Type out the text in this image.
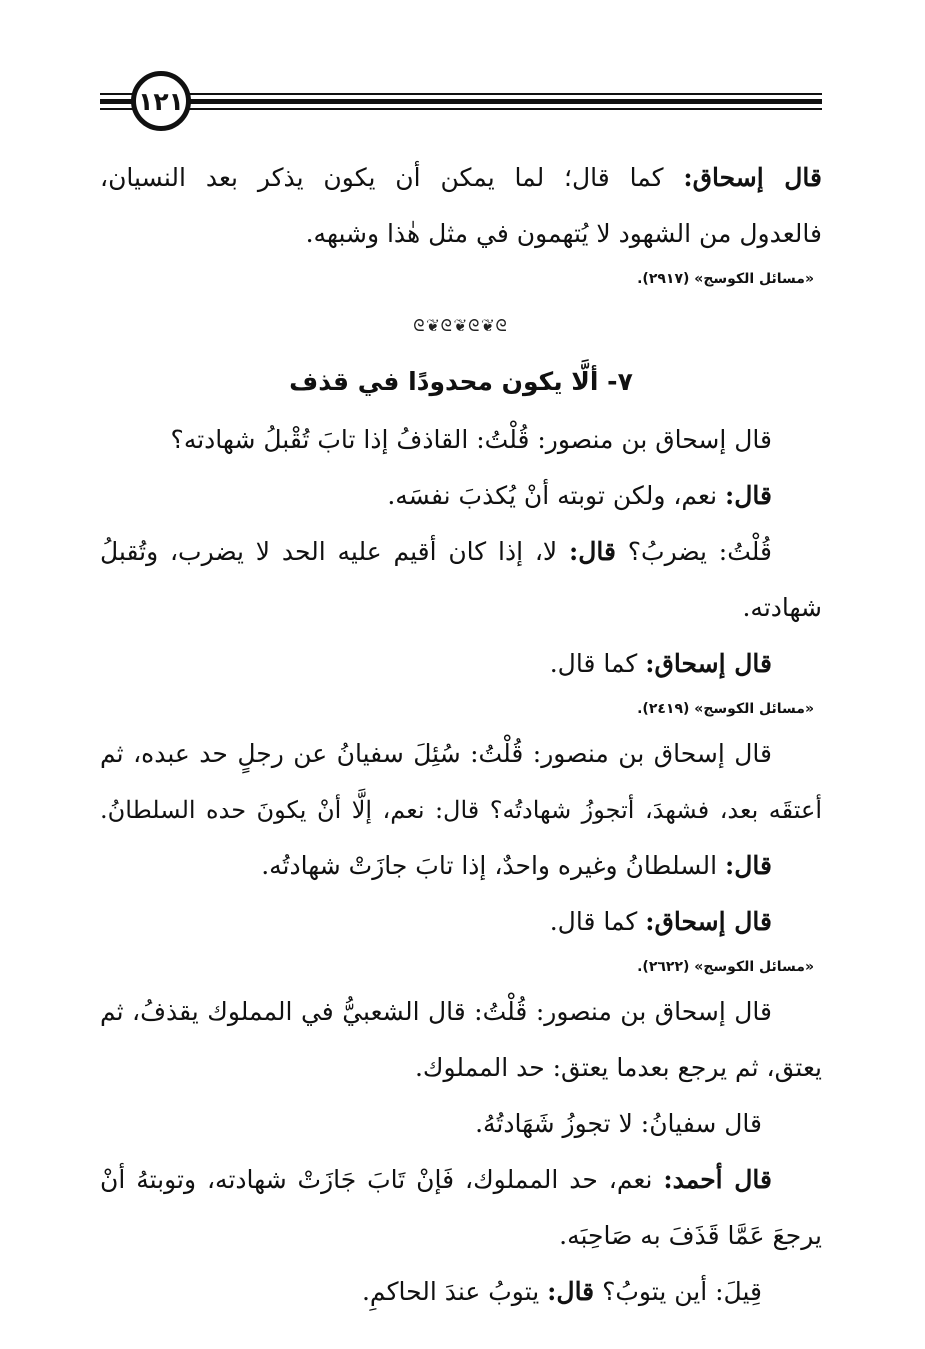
١٢١

قال إسحاق: كما قال؛ لما يمكن أن يكون يذكر بعد النسيان،

فالعدول من الشهود لا يُتهمون في مثل هٰذا وشبهه.

«مسائل الكوسج» (٢٩١٧).

ᘓ❦ᘓ❦ᘓ❦ᘓ

٧- ألَّا يكون محدودًا في قذف

قال إسحاق بن منصور: قُلْتُ: القاذفُ إذا تابَ تُقْبلُ شهادته؟

قال: نعم، ولكن توبته أنْ يُكذبَ نفسَه.

قُلْتُ: يضربُ؟ قال: لا، إذا كان أقيم عليه الحد لا يضرب، وتُقبلُ

شهادته.

قال إسحاق: كما قال.

«مسائل الكوسج» (٢٤١٩).

قال إسحاق بن منصور: قُلْتُ: سُئِلَ سفيانُ عن رجلٍ حد عبده، ثم

أعتقَه بعد، فشهدَ، أتجوزُ شهادتُه؟ قال: نعم، إلَّا أنْ يكونَ حده السلطانُ.

قال: السلطانُ وغيره واحدٌ، إذا تابَ جازَتْ شهادتُه.

قال إسحاق: كما قال.

«مسائل الكوسج» (٢٦٢٢).

قال إسحاق بن منصور: قُلْتُ: قال الشعبيُّ في المملوك يقذفُ، ثم

يعتق، ثم يرجع بعدما يعتق: حد المملوك.

قال سفيانُ: لا تجوزُ شَهَادتُهُ.

قال أحمد: نعم، حد المملوك، فَإنْ تَابَ جَازَتْ شهادته، وتوبتهُ أنْ

يرجعَ عَمَّا قَذَفَ به صَاحِبَه.

قِيلَ: أين يتوبُ؟ قال: يتوبُ عندَ الحاكمِ.
